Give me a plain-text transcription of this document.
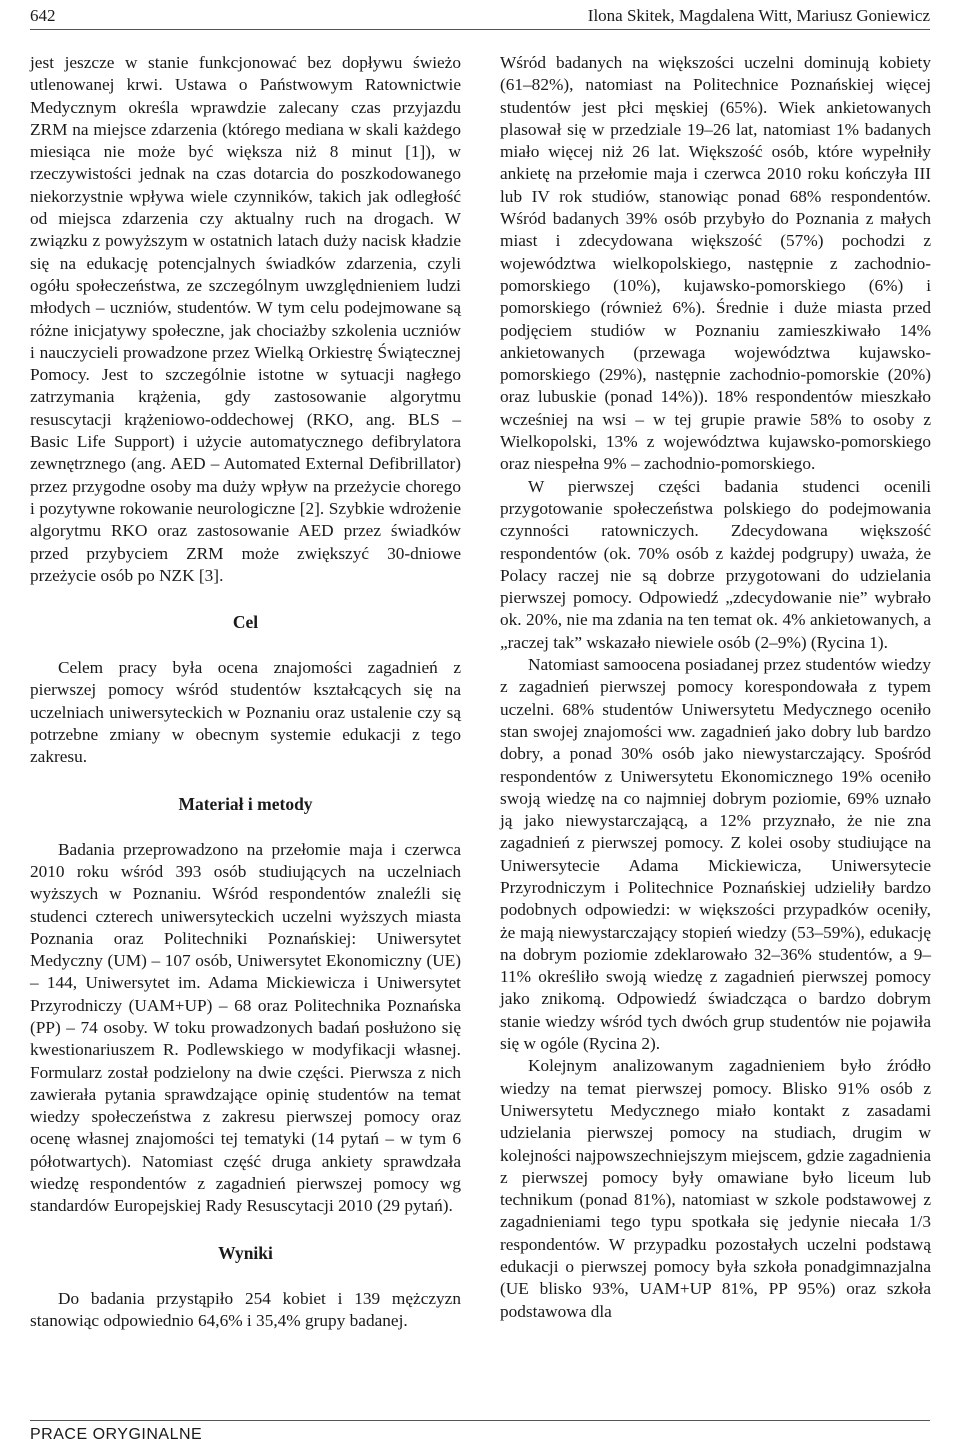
642	Ilona Skitek, Magdalena Witt, Mariusz Goniewicz

jest jeszcze w stanie funkcjonować bez dopływu świeżo utlenowanej krwi. Ustawa o Państwowym Ratownictwie Medycznym określa wprawdzie zalecany czas przyjazdu ZRM na miejsce zdarzenia (którego mediana w skali każdego miesiąca nie może być większa niż 8 minut [1]), w rzeczywistości jednak na czas dotarcia do poszkodowanego niekorzystnie wpływa wiele czynników, takich jak odległość od miejsca zdarzenia czy aktualny ruch na drogach. W związku z powyższym w ostatnich latach duży nacisk kładzie się na edukację potencjalnych świadków zdarzenia, czyli ogółu społeczeństwa, ze szczególnym uwzględnieniem ludzi młodych – uczniów, studentów. W tym celu podejmowane są różne inicjatywy społeczne, jak chociażby szkolenia uczniów i nauczycieli prowadzone przez Wielką Orkiestrę Świątecznej Pomocy. Jest to szczególnie istotne w sytuacji nagłego zatrzymania krążenia, gdy zastosowanie algorytmu resuscytacji krążeniowo-oddechowej (RKO, ang. BLS – Basic Life Support) i użycie automatycznego defibrylatora zewnętrznego (ang. AED – Automated External Defibrillator) przez przygodne osoby ma duży wpływ na przeżycie chorego i pozytywne rokowanie neurologiczne [2]. Szybkie wdrożenie algorytmu RKO oraz zastosowanie AED przez świadków przed przybyciem ZRM może zwiększyć 30-dniowe przeżycie osób po NZK [3].

Cel

Celem pracy była ocena znajomości zagadnień z pierwszej pomocy wśród studentów kształcących się na uczelniach uniwersyteckich w Poznaniu oraz ustalenie czy są potrzebne zmiany w obecnym systemie edukacji z tego zakresu.

Materiał i metody

Badania przeprowadzono na przełomie maja i czerwca 2010 roku wśród 393 osób studiujących na uczelniach wyższych w Poznaniu. Wśród respondentów znaleźli się studenci czterech uniwersyteckich uczelni wyższych miasta Poznania oraz Politechniki Poznańskiej: Uniwersytet Medyczny (UM) – 107 osób, Uniwersytet Ekonomiczny (UE) – 144, Uniwersytet im. Adama Mickiewicza i Uniwersytet Przyrodniczy (UAM+UP) – 68 oraz Politechnika Poznańska (PP) – 74 osoby. W toku prowadzonych badań posłużono się kwestionariuszem R. Podlewskiego w modyfikacji własnej. Formularz został podzielony na dwie części. Pierwsza z nich zawierała pytania sprawdzające opinię studentów na temat wiedzy społeczeństwa z zakresu pierwszej pomocy oraz ocenę własnej znajomości tej tematyki (14 pytań – w tym 6 półotwartych). Natomiast część druga ankiety sprawdzała wiedzę respondentów z zagadnień pierwszej pomocy wg standardów Europejskiej Rady Resuscytacji 2010 (29 pytań).

Wyniki

Do badania przystąpiło 254 kobiet i 139 mężczyzn stanowiąc odpowiednio 64,6% i 35,4% grupy badanej.

Wśród badanych na większości uczelni dominują kobiety (61–82%), natomiast na Politechnice Poznańskiej więcej studentów jest płci męskiej (65%). Wiek ankietowanych plasował się w przedziale 19–26 lat, natomiast 1% badanych miało więcej niż 26 lat. Większość osób, które wypełniły ankietę na przełomie maja i czerwca 2010 roku kończyła III lub IV rok studiów, stanowiąc ponad 68% respondentów. Wśród badanych 39% osób przybyło do Poznania z małych miast i zdecydowana większość (57%) pochodzi z województwa wielkopolskiego, następnie z zachodnio-pomorskiego (10%), kujawsko-pomorskiego (6%) i pomorskiego (również 6%). Średnie i duże miasta przed podjęciem studiów w Poznaniu zamieszkiwało 14% ankietowanych (przewaga województwa kujawsko-pomorskiego (29%), następnie zachodnio-pomorskie (20%) oraz lubuskie (ponad 14%)). 18% respondentów mieszkało wcześniej na wsi – w tej grupie prawie 58% to osoby z Wielkopolski, 13% z województwa kujawsko-pomorskiego oraz niespełna 9% – zachodnio-pomorskiego.

W pierwszej części badania studenci ocenili przygotowanie społeczeństwa polskiego do podejmowania czynności ratowniczych. Zdecydowana większość respondentów (ok. 70% osób z każdej podgrupy) uważa, że Polacy raczej nie są dobrze przygotowani do udzielania pierwszej pomocy. Odpowiedź „zdecydowanie nie” wybrało ok. 20%, nie ma zdania na ten temat ok. 4% ankietowanych, a „raczej tak” wskazało niewiele osób (2–9%) (Rycina 1).

Natomiast samoocena posiadanej przez studentów wiedzy z zagadnień pierwszej pomocy korespondowała z typem uczelni. 68% studentów Uniwersytetu Medycznego oceniło stan swojej znajomości ww. zagadnień jako dobry lub bardzo dobry, a ponad 30% osób jako niewystarczający. Spośród respondentów z Uniwersytetu Ekonomicznego 19% oceniło swoją wiedzę na co najmniej dobrym poziomie, 69% uznało ją jako niewystarczającą, a 12% przyznało, że nie zna zagadnień z pierwszej pomocy. Z kolei osoby studiujące na Uniwersytecie Adama Mickiewicza, Uniwersytecie Przyrodniczym i Politechnice Poznańskiej udzieliły bardzo podobnych odpowiedzi: w większości przypadków oceniły, że mają niewystarczający stopień wiedzy (53–59%), edukację na dobrym poziomie zdeklarowało 32–36% studentów, a 9–11% określiło swoją wiedzę z zagadnień pierwszej pomocy jako znikomą. Odpowiedź świadcząca o bardzo dobrym stanie wiedzy wśród tych dwóch grup studentów nie pojawiła się w ogóle (Rycina 2).

Kolejnym analizowanym zagadnieniem było źródło wiedzy na temat pierwszej pomocy. Blisko 91% osób z Uniwersytetu Medycznego miało kontakt z zasadami udzielania pierwszej pomocy na studiach, drugim w kolejności najpowszechniejszym miejscem, gdzie zagadnienia z pierwszej pomocy były omawiane było liceum lub technikum (ponad 81%), natomiast w szkole podstawowej z zagadnieniami tego typu spotkała się jedynie niecała 1/3 respondentów. W przypadku pozostałych uczelni podstawą edukacji o pierwszej pomocy była szkoła ponadgimnazjalna (UE blisko 93%, UAM+UP 81%, PP 95%) oraz szkoła podstawowa dla

PRACE ORYGINALNE
